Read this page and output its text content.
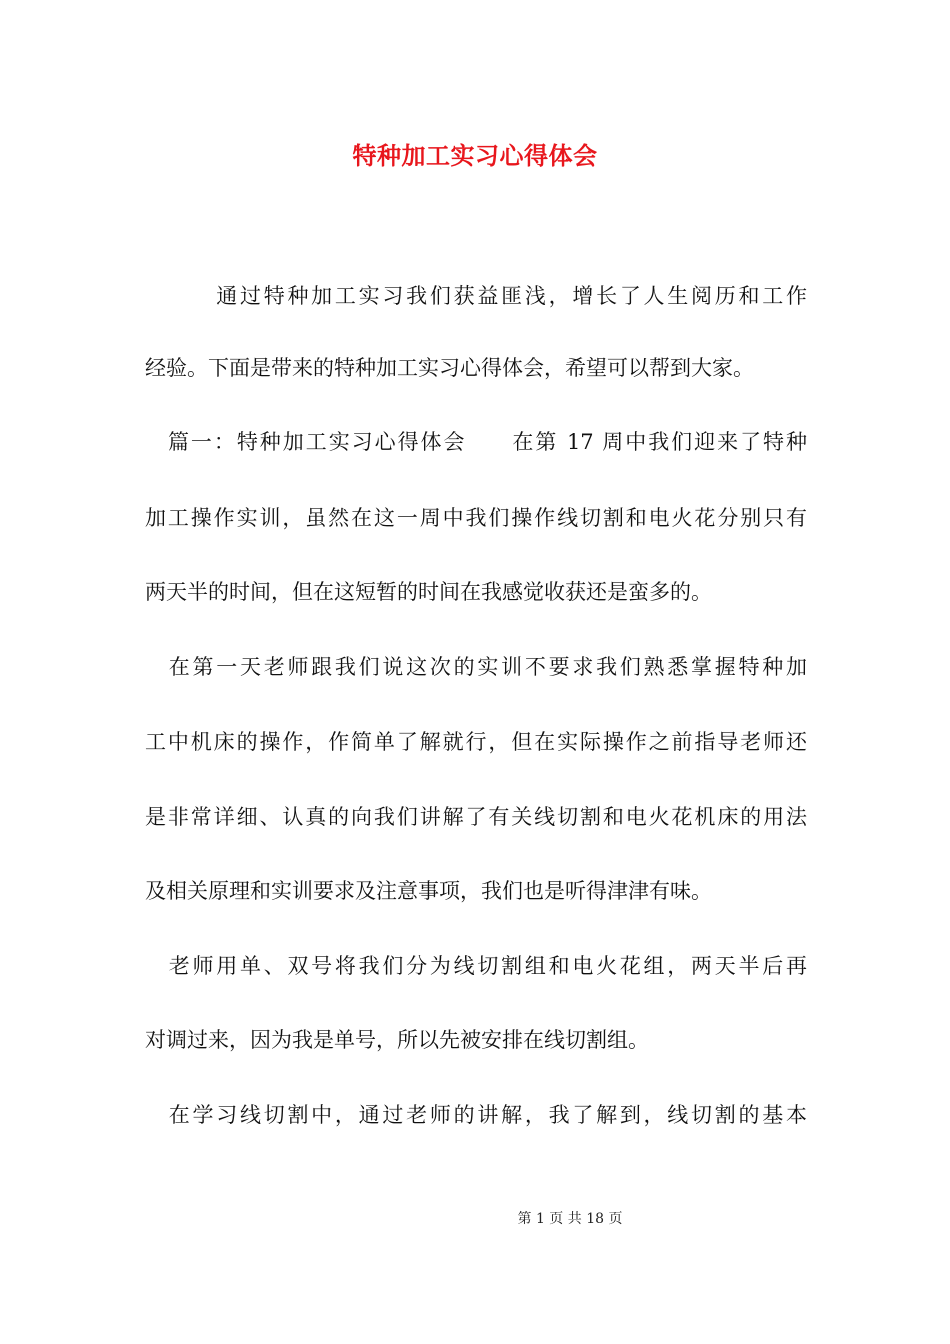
特种加工实习心得体会

　　　通过特种加工实习我们获益匪浅，增长了人生阅历和工作

经验。下面是带来的特种加工实习心得体会，希望可以帮到大家。

　篇一：特种加工实习心得体会　　在第 17 周中我们迎来了特种

加工操作实训，虽然在这一周中我们操作线切割和电火花分别只有

两天半的时间，但在这短暂的时间在我感觉收获还是蛮多的。

　在第一天老师跟我们说这次的实训不要求我们熟悉掌握特种加

工中机床的操作，作简单了解就行，但在实际操作之前指导老师还

是非常详细、认真的向我们讲解了有关线切割和电火花机床的用法

及相关原理和实训要求及注意事项，我们也是听得津津有味。

　老师用单、双号将我们分为线切割组和电火花组，两天半后再

对调过来，因为我是单号，所以先被安排在线切割组。

　在学习线切割中，通过老师的讲解，我了解到，线切割的基本

第 1 页 共 18 页
